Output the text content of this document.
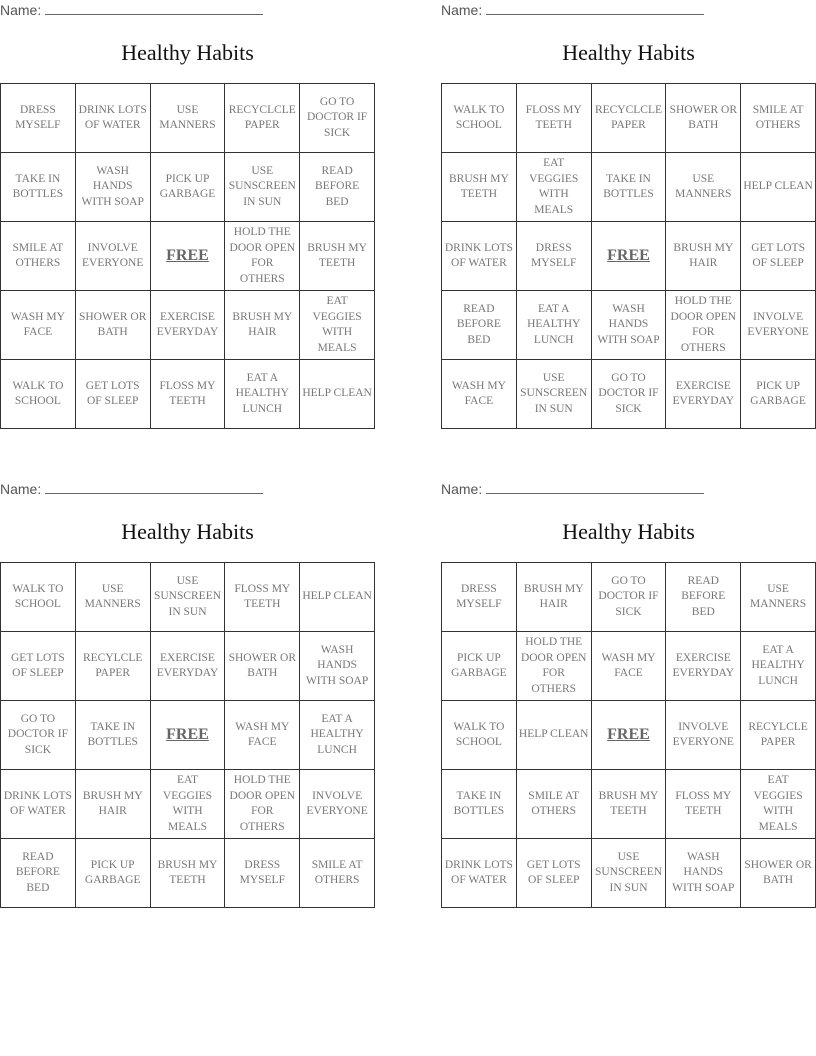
Name:
Healthy Habits
DRESS MYSELF	DRINK LOTS OF WATER	USE MANNERS	RECYCLCLE PAPER	GO TO DOCTOR IF SICK
TAKE IN BOTTLES	WASH HANDS WITH SOAP	PICK UP GARBAGE	USE SUNSCREEN IN SUN	READ BEFORE BED
SMILE AT OTHERS	INVOLVE EVERYONE	FREE	HOLD THE DOOR OPEN FOR OTHERS	BRUSH MY TEETH
WASH MY FACE	SHOWER OR BATH	EXERCISE EVERYDAY	BRUSH MY HAIR	EAT VEGGIES WITH MEALS
WALK TO SCHOOL	GET LOTS OF SLEEP	FLOSS MY TEETH	EAT A HEALTHY LUNCH	HELP CLEAN
Name:
Healthy Habits
WALK TO SCHOOL	FLOSS MY TEETH	RECYCLCLE PAPER	SHOWER OR BATH	SMILE AT OTHERS
BRUSH MY TEETH	EAT VEGGIES WITH MEALS	TAKE IN BOTTLES	USE MANNERS	HELP CLEAN
DRINK LOTS OF WATER	DRESS MYSELF	FREE	BRUSH MY HAIR	GET LOTS OF SLEEP
READ BEFORE BED	EAT A HEALTHY LUNCH	WASH HANDS WITH SOAP	HOLD THE DOOR OPEN FOR OTHERS	INVOLVE EVERYONE
WASH MY FACE	USE SUNSCREEN IN SUN	GO TO DOCTOR IF SICK	EXERCISE EVERYDAY	PICK UP GARBAGE
Name:
Healthy Habits
WALK TO SCHOOL	USE MANNERS	USE SUNSCREEN IN SUN	FLOSS MY TEETH	HELP CLEAN
GET LOTS OF SLEEP	RECYLCLE PAPER	EXERCISE EVERYDAY	SHOWER OR BATH	WASH HANDS WITH SOAP
GO TO DOCTOR IF SICK	TAKE IN BOTTLES	FREE	WASH MY FACE	EAT A HEALTHY LUNCH
DRINK LOTS OF WATER	BRUSH MY HAIR	EAT VEGGIES WITH MEALS	HOLD THE DOOR OPEN FOR OTHERS	INVOLVE EVERYONE
READ BEFORE BED	PICK UP GARBAGE	BRUSH MY TEETH	DRESS MYSELF	SMILE AT OTHERS
Name:
Healthy Habits
DRESS MYSELF	BRUSH MY HAIR	GO TO DOCTOR IF SICK	READ BEFORE BED	USE MANNERS
PICK UP GARBAGE	HOLD THE DOOR OPEN FOR OTHERS	WASH MY FACE	EXERCISE EVERYDAY	EAT A HEALTHY LUNCH
WALK TO SCHOOL	HELP CLEAN	FREE	INVOLVE EVERYONE	RECYLCLE PAPER
TAKE IN BOTTLES	SMILE AT OTHERS	BRUSH MY TEETH	FLOSS MY TEETH	EAT VEGGIES WITH MEALS
DRINK LOTS OF WATER	GET LOTS OF SLEEP	USE SUNSCREEN IN SUN	WASH HANDS WITH SOAP	SHOWER OR BATH
